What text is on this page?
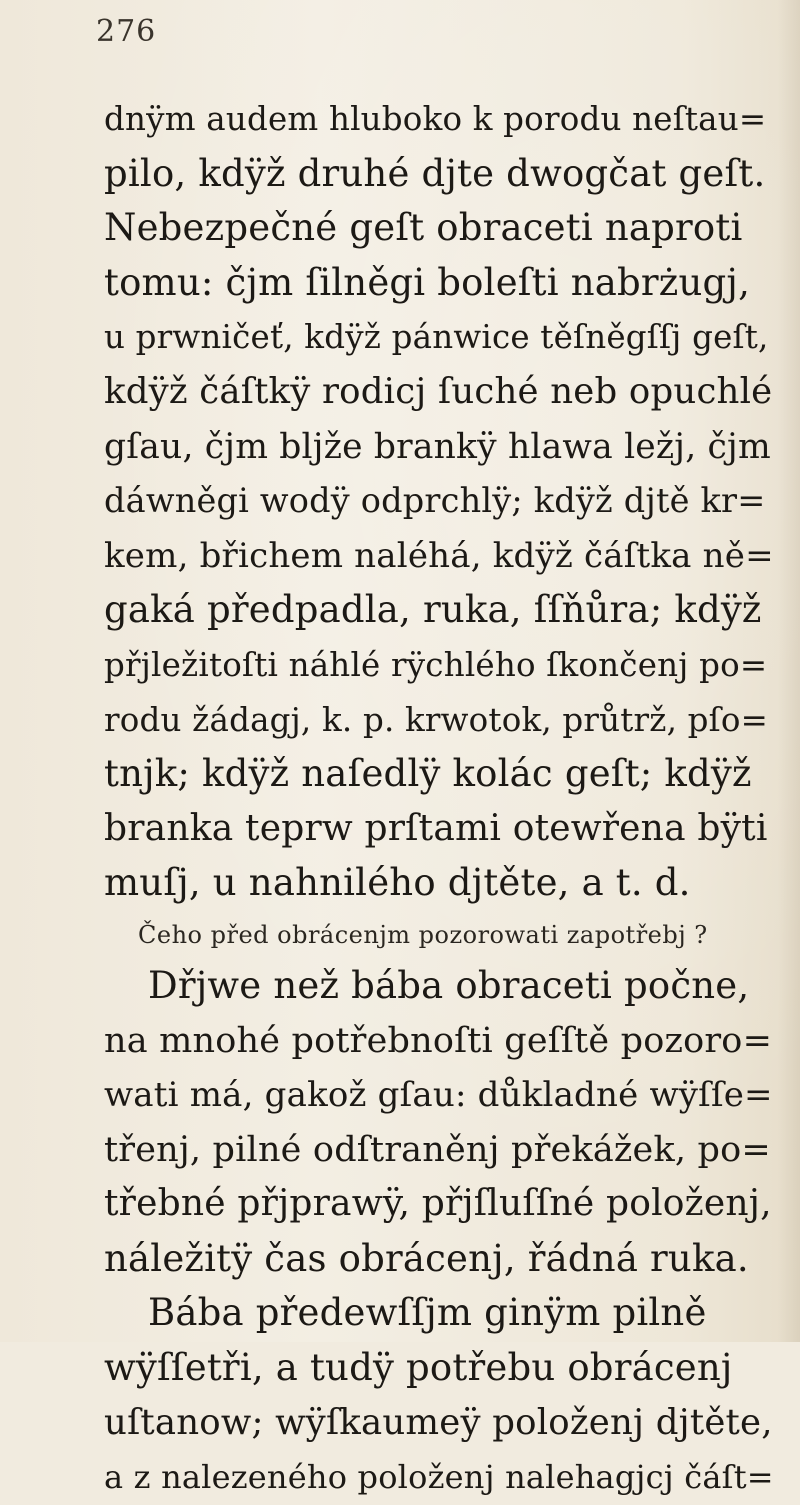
276
dnÿm audem hluboko k porodu neſtau=
pilo, kdÿž druhé djte dwogčat geſt.
Nebezpečné geſt obraceti naproti
tomu: čjm ſilněgi boleſti nabrżugj,
u prwničeť, kdÿž pánwice těſněgſſj geſt,
kdÿž čáſtkÿ rodicj ſuché neb opuchlé
gſau, čjm bljže brankÿ hlawa ležj, čjm
dáwněgi wodÿ odprchlÿ; kdÿž djtě kr=
kem, břichem naléhá, kdÿž čáſtka ně=
gaká předpadla, ruka, ſſňůra; kdÿž
přjležitoſti náhlé rÿchlého ſkončenj po=
rodu žádagj, k. p. krwotok, průtrž, pſo=
tnjk; kdÿž naſedlÿ kolác geſt; kdÿž
branka teprw prſtami otewřena bÿti
muſj, u nahnilého djtěte, a t. d.
Čeho před obrácenjm pozorowati zapotřebj ?
Dřjwe než bába obraceti počne,
na mnohé potřebnoſti geſſtě pozoro=
wati má, gakož gſau: důkladné wÿſſe=
třenj, pilné odſtraněnj překážek, po=
třebné přjprawÿ, přjſluſſné položenj,
náležitÿ čas obrácenj, řádná ruka.
Bába předewſſjm ginÿm pilně
wÿſſetři, a tudÿ potřebu obrácenj
uſtanow; wÿſkaumeÿ položenj djtěte,
a z nalezeného položenj nalehagjcj čáſt=
